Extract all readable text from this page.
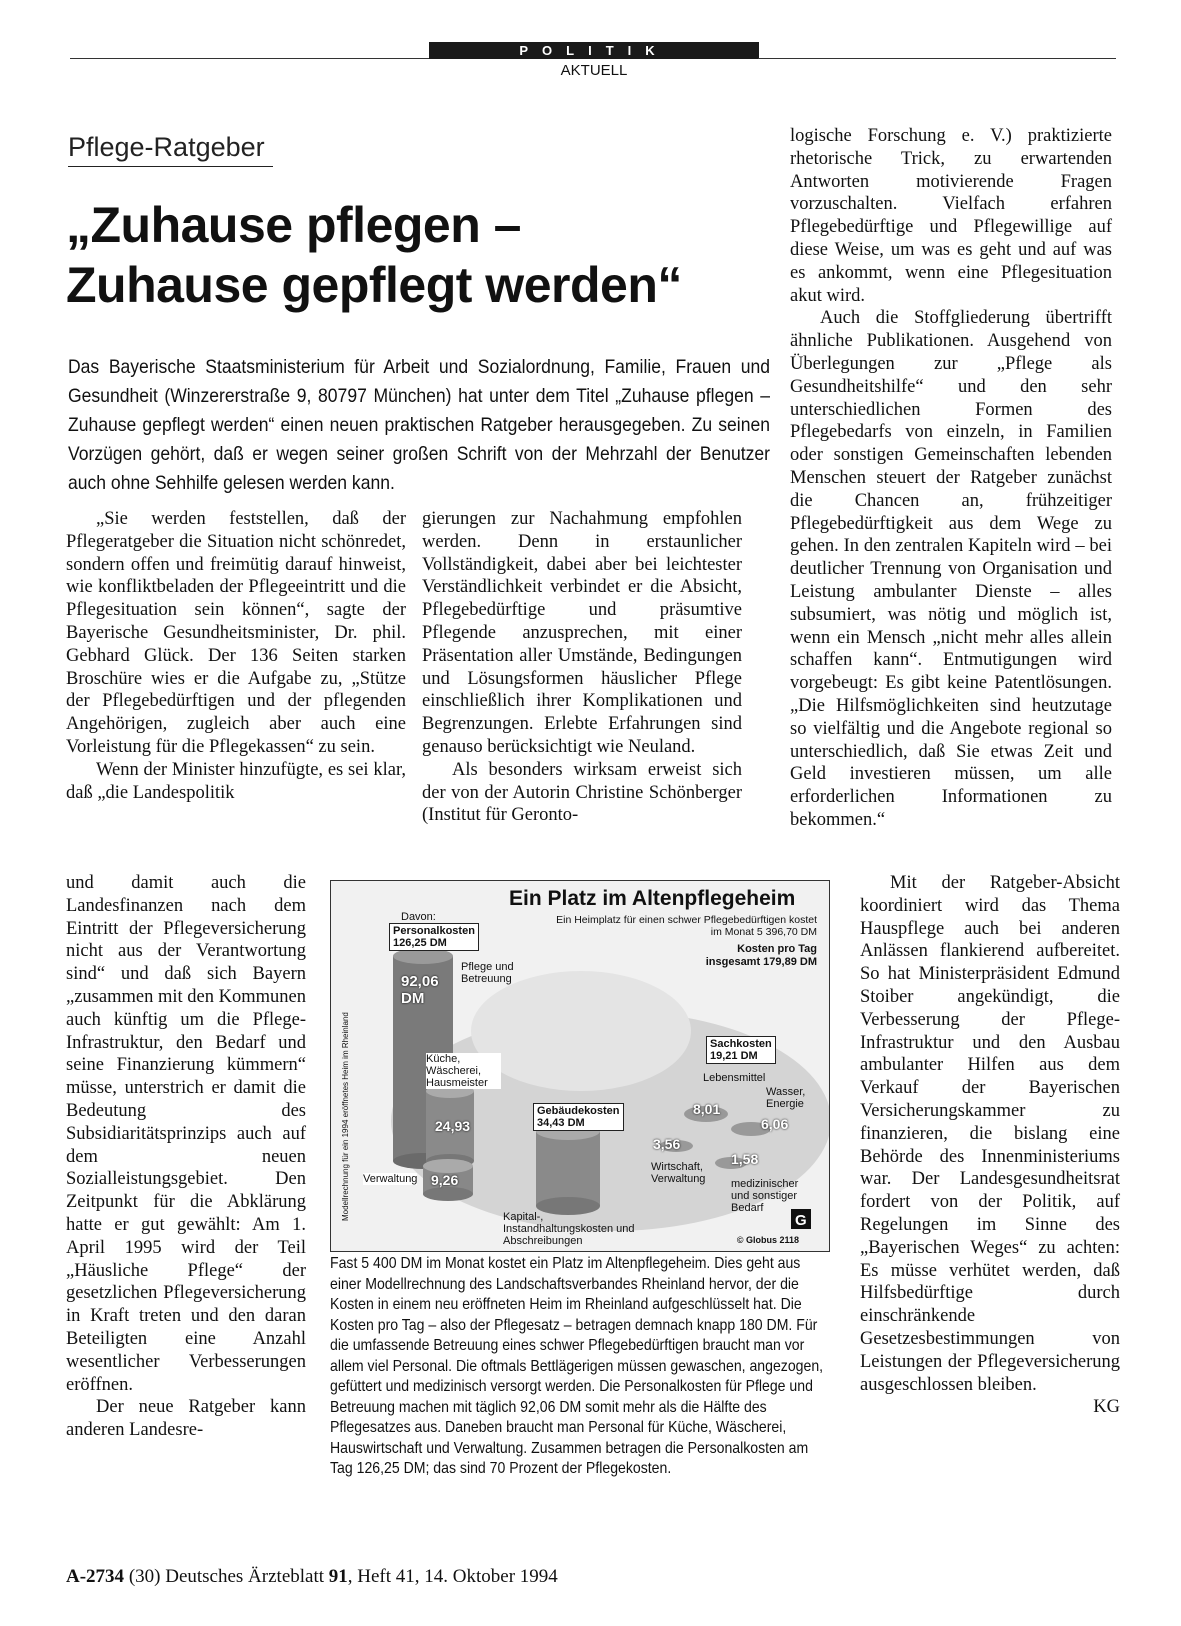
POLITIK
AKTUELL
Pflege-Ratgeber
„Zuhause pflegen –
Zuhause gepflegt werden“
Das Bayerische Staatsministerium für Arbeit und Sozialordnung, Familie, Frauen und Gesundheit (Winzererstraße 9, 80797 München) hat unter dem Titel „Zuhause pflegen – Zuhause gepflegt werden“ einen neuen praktischen Ratgeber herausgegeben. Zu seinen Vorzügen gehört, daß er wegen seiner großen Schrift von der Mehrzahl der Benutzer auch ohne Sehhilfe gelesen werden kann.

„Sie werden feststellen, daß der Pflegeratgeber die Situation nicht schönredet, sondern offen und freimütig darauf hinweist, wie konfliktbeladen der Pflegeeintritt und die Pflegesituation sein können“, sagte der Bayerische Gesundheitsminister, Dr. phil. Gebhard Glück. Der 136 Seiten starken Broschüre wies er die Aufgabe zu, „Stütze der Pflegebedürftigen und der pflegenden Angehörigen, zugleich aber auch eine Vorleistung für die Pflegekassen“ zu sein.

Wenn der Minister hinzufügte, es sei klar, daß „die Landespolitik

und damit auch die Landesfinanzen nach dem Eintritt der Pflegeversicherung nicht aus der Verantwortung sind“ und daß sich Bayern „zusammen mit den Kommunen auch künftig um die Pflege-Infrastruktur, den Bedarf und seine Finanzierung kümmern“ müsse, unterstrich er damit die Bedeutung des Subsidiaritätsprinzips auch auf dem neuen Sozialleistungsgebiet. Den Zeitpunkt für die Abklärung hatte er gut gewählt: Am 1. April 1995 wird der Teil „Häusliche Pflege“ der gesetzlichen Pflegeversicherung in Kraft treten und den daran Beteiligten eine Anzahl wesentlicher Verbesserungen eröffnen.

Der neue Ratgeber kann anderen Landesre-

gierungen zur Nachahmung empfohlen werden. Denn in erstaunlicher Vollständigkeit, dabei aber bei leichtester Verständlichkeit verbindet er die Absicht, Pflegebedürftige und präsumtive Pflegende anzusprechen, mit einer Präsentation aller Umstände, Bedingungen und Lösungsformen häuslicher Pflege einschließlich ihrer Komplikationen und Begrenzungen. Erlebte Erfahrungen sind genauso berücksichtigt wie Neuland.

Als besonders wirksam erweist sich der von der Autorin Christine Schönberger (Institut für Geronto-

logische Forschung e. V.) praktizierte rhetorische Trick, zu erwartenden Antworten motivierende Fragen vorzuschalten. Vielfach erfahren Pflegebedürftige und Pflegewillige auf diese Weise, um was es geht und auf was es ankommt, wenn eine Pflegesituation akut wird.

Auch die Stoffgliederung übertrifft ähnliche Publikationen. Ausgehend von Überlegungen zur „Pflege als Gesundheitshilfe“ und den sehr unterschiedlichen Formen des Pflegebedarfs von einzeln, in Familien oder sonstigen Gemeinschaften lebenden Menschen steuert der Ratgeber zunächst die Chancen an, frühzeitiger Pflegebedürftigkeit aus dem Wege zu gehen. In den zentralen Kapiteln wird – bei deutlicher Trennung von Organisation und Leistung ambulanter Dienste – alles subsumiert, was nötig und möglich ist, wenn ein Mensch „nicht mehr alles allein schaffen kann“. Entmutigungen wird vorgebeugt: Es gibt keine Patentlösungen. „Die Hilfsmöglichkeiten sind heutzutage so vielfältig und die Angebote regional so unterschiedlich, daß Sie etwas Zeit und Geld investieren müssen, um alle erforderlichen Informationen zu bekommen.“

Mit der Ratgeber-Absicht koordiniert wird das Thema Hauspflege auch bei anderen Anlässen flankierend aufbereitet. So hat Ministerpräsident Edmund Stoiber angekündigt, die Verbesserung der Pflege-Infrastruktur und den Ausbau ambulanter Hilfen aus dem Verkauf der Bayerischen Versicherungskammer zu finanzieren, die bislang eine Behörde des Innenministeriums war. Der Landesgesundheitsrat fordert von der Politik, auf Regelungen im Sinne des „Bayerischen Weges“ zu achten: Es müsse verhütet werden, daß Hilfsbedürftige durch einschränkende Gesetzesbestimmungen von Leistungen der Pflegeversicherung ausgeschlossen bleiben.

KG

G
Ein Platz im Altenpflegeheim
Ein Heimplatz für einen schwer Pflegebedürftigen kostet im Monat 5 396,70 DM
Kosten pro Tag
insgesamt 179,89 DM
Davon:
Personalkosten
126,25 DM
92,06
DM
Pflege und Betreuung
Küche, Wäscherei, Hausmeister
24,93
Verwaltung 9,26
Gebäudekosten
34,43 DM
Kapital-, Instandhaltungskosten und Abschreibungen
Sachkosten
19,21 DM
Lebensmittel
8,01
Wasser, Energie
6,06
3,56
Wirtschaft, Verwaltung
1,58
medizinischer und sonstiger Bedarf
Modellrechnung für ein 1994 eröffnetes Heim im Rheinland
© Globus 2118
Fast 5 400 DM im Monat kostet ein Platz im Altenpflegeheim. Dies geht aus einer Modellrechnung des Landschaftsverbandes Rheinland hervor, der die Kosten in einem neu eröffneten Heim im Rheinland aufgeschlüsselt hat. Die Kosten pro Tag – also der Pflegesatz – betragen demnach knapp 180 DM. Für die umfassende Betreuung eines schwer Pflegebedürftigen braucht man vor allem viel Personal. Die oftmals Bettlägerigen müssen gewaschen, angezogen, gefüttert und medizinisch versorgt werden. Die Personalkosten für Pflege und Betreuung machen mit täglich 92,06 DM somit mehr als die Hälfte des Pflegesatzes aus. Daneben braucht man Personal für Küche, Wäscherei, Hauswirtschaft und Verwaltung. Zusammen betragen die Personalkosten am Tag 126,25 DM; das sind 70 Prozent der Pflegekosten.
A-2734 (30) Deutsches Ärzteblatt 91, Heft 41, 14. Oktober 1994
